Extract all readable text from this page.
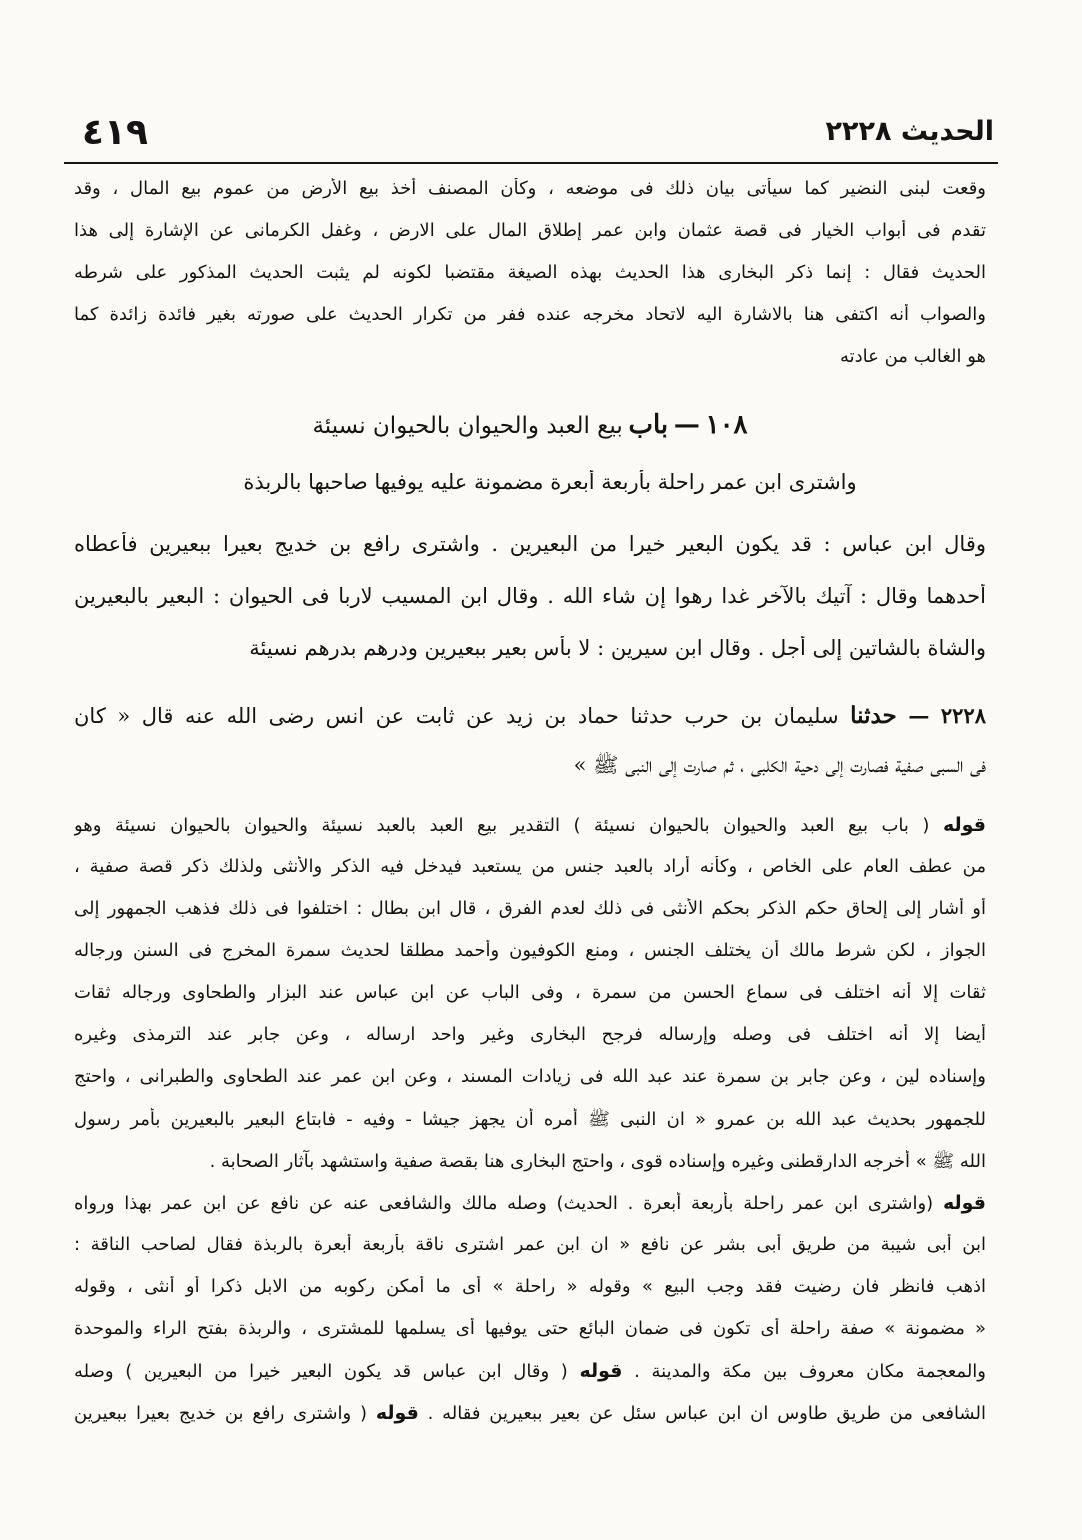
الحديث ٢٢٢٨
٤١٩
وقعت لبنى النضير كما سيأتى بيان ذلك فى موضعه ، وكأن المصنف أخذ بيع الأرض من عموم بيع المال ، وقد
تقدم فى أبواب الخيار فى قصة عثمان وابن عمر إطلاق المال على الارض ، وغفل الكرمانى عن الإشارة إلى هذا
الحديث فقال : إنما ذكر البخارى هذا الحديث بهذه الصيغة مقتضبا لكونه لم يثبت الحديث المذكور على شرطه
والصواب أنه اكتفى هنا بالاشارة اليه لاتحاد مخرجه عنده ففر من تكرار الحديث على صورته بغير فائدة زائدة كما
هو الغالب من عادته
١٠٨ — باب بيع العبد والحيوان بالحيوان نسيئة
واشترى ابن عمر راحلة بأربعة أبعرة مضمونة عليه يوفيها صاحبها بالربذة
وقال ابن عباس : قد يكون البعير خيرا من البعيرين . واشترى رافع بن خديج بعيرا ببعيرين فأعطاه
أحدهما وقال : آتيك بالآخر غدا رهوا إن شاء الله . وقال ابن المسيب لاربا فى الحيوان : البعير بالبعيرين
والشاة بالشاتين إلى أجل . وقال ابن سيرين : لا بأس بعير ببعيرين ودرهم بدرهم نسيئة
٢٢٢٨ — حدثنا سليمان بن حرب حدثنا حماد بن زيد عن ثابت عن انس رضى الله عنه قال « كان
فى السبى صفية فصارت إلى دحية الكلبى ، ثم صارت إلى النبى ﷺ »
قوله ( باب بيع العبد والحيوان بالحيوان نسيئة ) التقدير بيع العبد بالعبد نسيئة والحيوان بالحيوان نسيئة وهو
من عطف العام على الخاص ، وكأنه أراد بالعبد جنس من يستعبد فيدخل فيه الذكر والأنثى ولذلك ذكر قصة صفية ،
أو أشار إلى إلحاق حكم الذكر بحكم الأنثى فى ذلك لعدم الفرق ، قال ابن بطال : اختلفوا فى ذلك فذهب الجمهور إلى
الجواز ، لكن شرط مالك أن يختلف الجنس ، ومنع الكوفيون وأحمد مطلقا لحديث سمرة المخرج فى السنن ورجاله
ثقات إلا أنه اختلف فى سماع الحسن من سمرة ، وفى الباب عن ابن عباس عند البزار والطحاوى ورجاله ثقات
أيضا إلا أنه اختلف فى وصله وإرساله فرجح البخارى وغير واحد ارساله ، وعن جابر عند الترمذى وغيره
وإسناده لين ، وعن جابر بن سمرة عند عبد الله فى زيادات المسند ، وعن ابن عمر عند الطحاوى والطبرانى ، واحتج
للجمهور بحديث عبد الله بن عمرو « ان النبى ﷺ أمره أن يجهز جيشا - وفيه - فابتاع البعير بالبعيرين بأمر رسول
الله ﷺ » أخرجه الدارقطنى وغيره وإسناده قوى ، واحتج البخارى هنا بقصة صفية واستشهد بآثار الصحابة .
قوله (واشترى ابن عمر راحلة بأربعة أبعرة . الحديث) وصله مالك والشافعى عنه عن نافع عن ابن عمر بهذا ورواه
ابن أبى شيبة من طريق أبى بشر عن نافع « ان ابن عمر اشترى ناقة بأربعة أبعرة بالربذة فقال لصاحب الناقة :
اذهب فانظر فان رضيت فقد وجب البيع » وقوله « راحلة » أى ما أمكن ركوبه من الابل ذكرا أو أنثى ، وقوله
« مضمونة » صفة راحلة أى تكون فى ضمان البائع حتى يوفيها أى يسلمها للمشترى ، والربذة بفتح الراء والموحدة
والمعجمة مكان معروف بين مكة والمدينة . قوله ( وقال ابن عباس قد يكون البعير خيرا من البعيرين ) وصله
الشافعى من طريق طاوس ان ابن عباس سئل عن بعير ببعيرين فقاله . قوله ( واشترى رافع بن خديج بعيرا ببعيرين
